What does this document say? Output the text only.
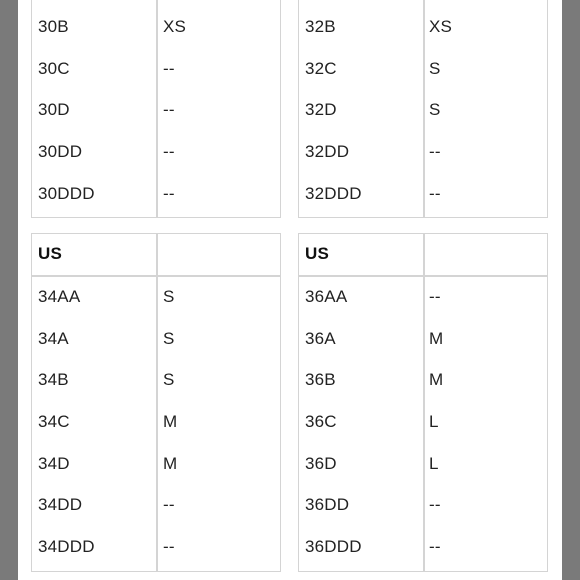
30B	XS
30C	--
30D	--
30DD	--
30DDD	--
32B	XS
32C	S
32D	S
32DD	--
32DDD	--
US
34AA	S
34A	S
34B	S
34C	M
34D	M
34DD	--
34DDD	--
US
36AA	--
36A	M
36B	M
36C	L
36D	L
36DD	--
36DDD	--
